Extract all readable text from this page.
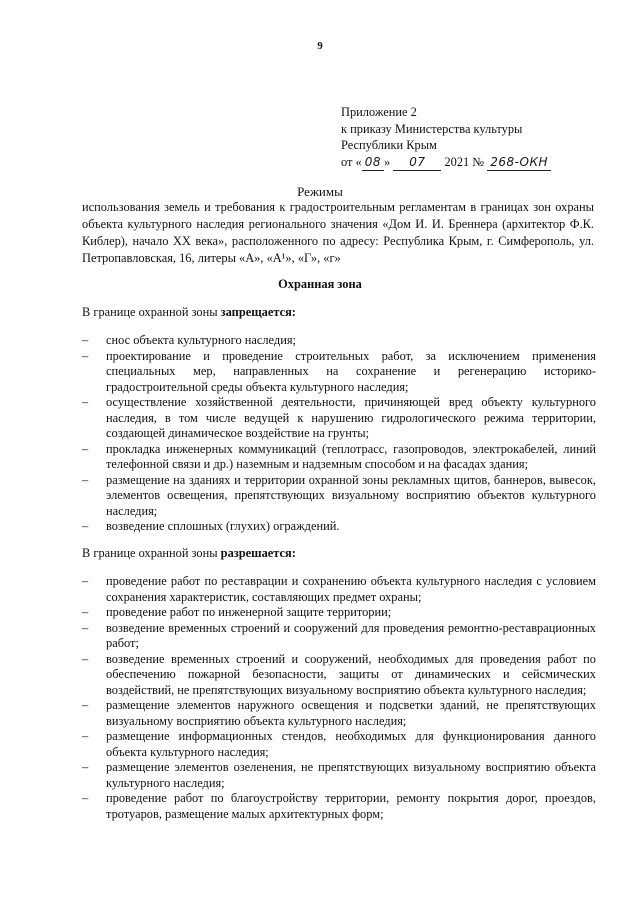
9
Приложение 2
к приказу Министерства культуры
Республики Крым
от « 08 » 07 2021 № 268-ОКН
Режимы
использования земель и требования к градостроительным регламентам в границах зон охраны объекта культурного наследия регионального значения «Дом И. И. Бреннера (архитектор Ф.К. Киблер), начало XX века», расположенного по адресу: Республика Крым, г. Симферополь, ул. Петропавловская, 16, литеры «А», «А¹», «Г», «г»
Охранная зона
В границе охранной зоны запрещается:
– снос объекта культурного наследия;
– проектирование и проведение строительных работ, за исключением применения специальных мер, направленных на сохранение и регенерацию историко-градостроительной среды объекта культурного наследия;
– осуществление хозяйственной деятельности, причиняющей вред объекту культурного наследия, в том числе ведущей к нарушению гидрологического режима территории, создающей динамическое воздействие на грунты;
– прокладка инженерных коммуникаций (теплотрасс, газопроводов, электрокабелей, линий телефонной связи и др.) наземным и надземным способом и на фасадах здания;
– размещение на зданиях и территории охранной зоны рекламных щитов, баннеров, вывесок, элементов освещения, препятствующих визуальному восприятию объектов культурного наследия;
– возведение сплошных (глухих) ограждений.
В границе охранной зоны разрешается:
– проведение работ по реставрации и сохранению объекта культурного наследия с условием сохранения характеристик, составляющих предмет охраны;
– проведение работ по инженерной защите территории;
– возведение временных строений и сооружений для проведения ремонтно-реставрационных работ;
– возведение временных строений и сооружений, необходимых для проведения работ по обеспечению пожарной безопасности, защиты от динамических и сейсмических воздействий, не препятствующих визуальному восприятию объекта культурного наследия;
– размещение элементов наружного освещения и подсветки зданий, не препятствующих визуальному восприятию объекта культурного наследия;
– размещение информационных стендов, необходимых для функционирования данного объекта культурного наследия;
– размещение элементов озеленения, не препятствующих визуальному восприятию объекта культурного наследия;
– проведение работ по благоустройству территории, ремонту покрытия дорог, проездов, тротуаров, размещение малых архитектурных форм;
